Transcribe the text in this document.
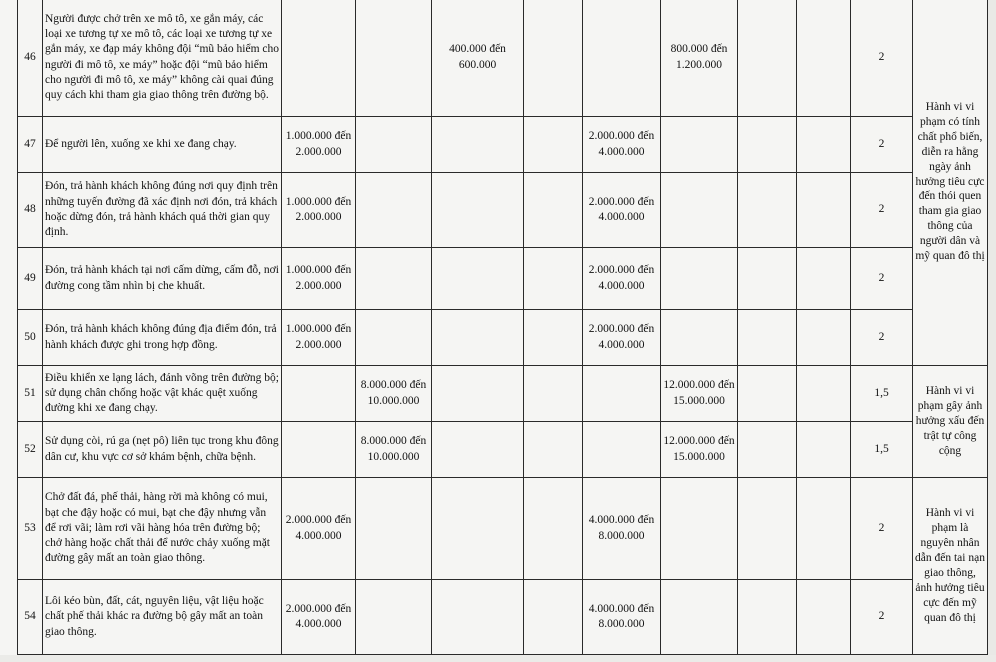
46	Người được chở trên xe mô tô, xe gắn máy, các loại xe tương tự xe mô tô, các loại xe tương tự xe gắn máy, xe đạp máy không đội “mũ bảo hiểm cho người đi mô tô, xe máy” hoặc đội “mũ bảo hiểm cho người đi mô tô, xe máy” không cài quai đúng quy cách khi tham gia giao thông trên đường bộ.			400.000 đến 600.000			800.000 đến 1.200.000			2	Hành vi vi phạm có tính chất phổ biến, diễn ra hằng ngày ảnh hưởng tiêu cực đến thói quen tham gia giao thông của người dân và mỹ quan đô thị
47	Để người lên, xuống xe khi xe đang chạy.	1.000.000 đến 2.000.000				2.000.000 đến 4.000.000				2	
48	Đón, trả hành khách không đúng nơi quy định trên những tuyến đường đã xác định nơi đón, trả khách hoặc dừng đón, trả hành khách quá thời gian quy định.	1.000.000 đến 2.000.000				2.000.000 đến 4.000.000				2	
49	Đón, trả hành khách tại nơi cấm dừng, cấm đỗ, nơi đường cong tầm nhìn bị che khuất.	1.000.000 đến 2.000.000				2.000.000 đến 4.000.000				2	
50	Đón, trả hành khách không đúng địa điểm đón, trả hành khách được ghi trong hợp đồng.	1.000.000 đến 2.000.000				2.000.000 đến 4.000.000				2	
51	Điều khiển xe lạng lách, đánh võng trên đường bộ; sử dụng chân chống hoặc vật khác quệt xuống đường khi xe đang chạy.		8.000.000 đến 10.000.000				12.000.000 đến 15.000.000			1,5	Hành vi vi phạm gây ảnh hưởng xấu đến trật tự công cộng
52	Sử dụng còi, rú ga (nẹt pô) liên tục trong khu đông dân cư, khu vực cơ sở khám bệnh, chữa bệnh.		8.000.000 đến 10.000.000				12.000.000 đến 15.000.000			1,5	
53	Chở đất đá, phế thải, hàng rời mà không có mui, bạt che đậy hoặc có mui, bạt che đậy nhưng vẫn để rơi vãi; làm rơi vãi hàng hóa trên đường bộ; chở hàng hoặc chất thải để nước chảy xuống mặt đường gây mất an toàn giao thông.	2.000.000 đến 4.000.000				4.000.000 đến 8.000.000				2	Hành vi vi phạm là nguyên nhân dẫn đến tai nạn giao thông, ảnh hưởng tiêu cực đến mỹ quan đô thị
54	Lôi kéo bùn, đất, cát, nguyên liệu, vật liệu hoặc chất phế thải khác ra đường bộ gây mất an toàn giao thông.	2.000.000 đến 4.000.000				4.000.000 đến 8.000.000				2	
